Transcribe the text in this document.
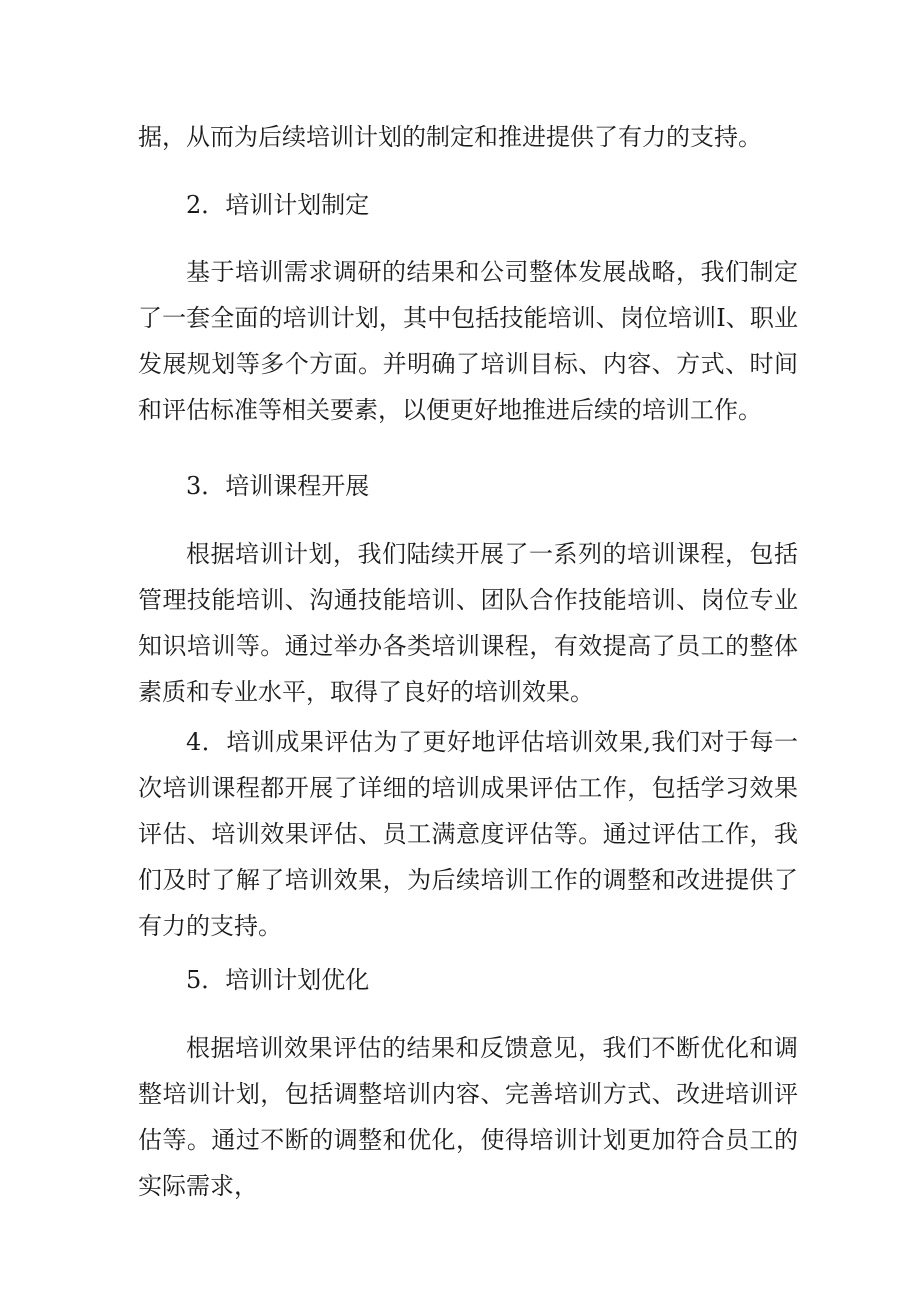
据，从而为后续培训计划的制定和推进提供了有力的支持。

2．培训计划制定

基于培训需求调研的结果和公司整体发展战略，我们制定了一套全面的培训计划，其中包括技能培训、岗位培训I、职业发展规划等多个方面。并明确了培训目标、内容、方式、时间和评估标准等相关要素，以便更好地推进后续的培训工作。

3．培训课程开展

根据培训计划，我们陆续开展了一系列的培训课程，包括管理技能培训、沟通技能培训、团队合作技能培训、岗位专业知识培训等。通过举办各类培训课程，有效提高了员工的整体素质和专业水平，取得了良好的培训效果。

4．培训成果评估为了更好地评估培训效果,我们对于每一次培训课程都开展了详细的培训成果评估工作，包括学习效果评估、培训效果评估、员工满意度评估等。通过评估工作，我们及时了解了培训效果，为后续培训工作的调整和改进提供了有力的支持。

5．培训计划优化

根据培训效果评估的结果和反馈意见，我们不断优化和调整培训计划，包括调整培训内容、完善培训方式、改进培训评估等。通过不断的调整和优化，使得培训计划更加符合员工的实际需求，
